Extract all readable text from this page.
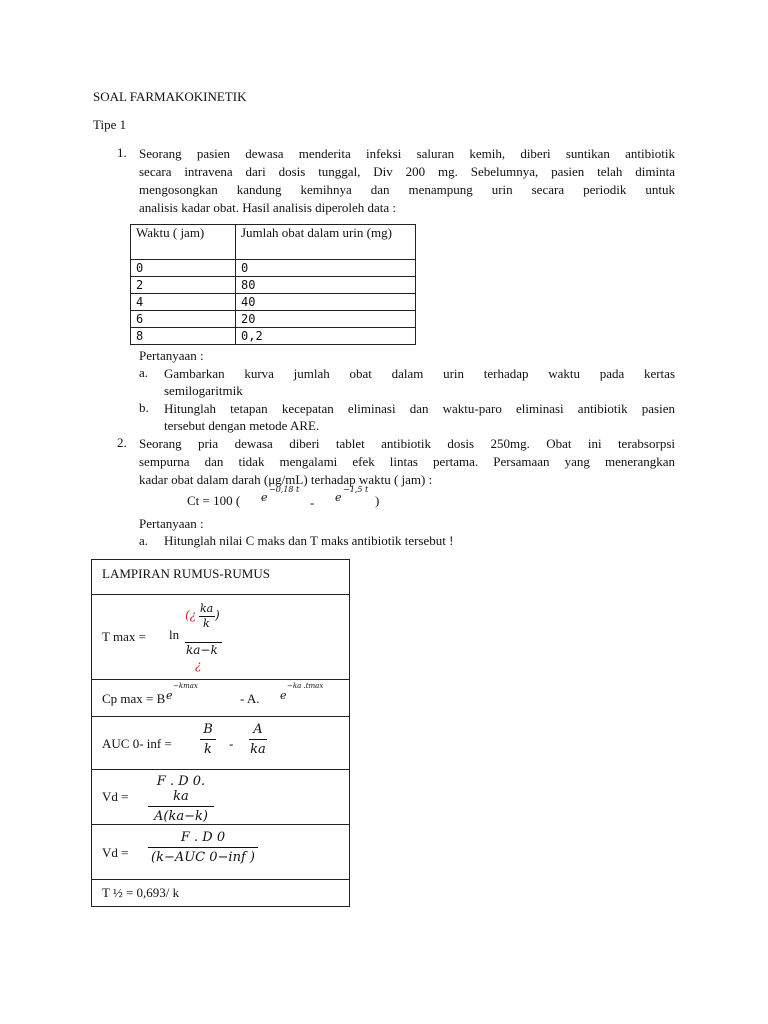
SOAL FARMAKOKINETIK
Tipe 1
1. Seorang pasien dewasa menderita infeksi saluran kemih, diberi suntikan antibiotik
secara intravena dari dosis tunggal, Div 200 mg. Sebelumnya, pasien telah diminta
mengosongkan kandung kemihnya dan menampung urin secara periodik untuk
analisis kadar obat. Hasil analisis diperoleh data :
Waktu ( jam)	Jumlah obat dalam urin (mg)
0	0
2	80
4	40
6	20
8	0,2
Pertanyaan :
a. Gambarkan kurva jumlah obat dalam urin terhadap waktu pada kertas
semilogaritmik
b. Hitunglah tetapan kecepatan eliminasi dan waktu-paro eliminasi antibiotik pasien
tersebut dengan metode ARE.
2. Seorang pria dewasa diberi tablet antibiotik dosis 250mg. Obat ini terabsorpsi
sempurna dan tidak mengalami efek lintas pertama. Persamaan yang menerangkan
kadar obat dalam darah (μg/mL) terhadap waktu ( jam) :
Ct = 100 ( e
−0,18 t
- e
−1,5 t
)
Pertanyaan :
a. Hitunglah nilai C maks dan T maks antibiotik tersebut !
LAMPIRAN RUMUS-RUMUS
T max = ln
(¿ ka
k
)
ka−k
¿
Cp max = B e
−kmax
- A. e
−ka .tmax
AUC 0- inf =
B
k	-
A
ka
Vd =
F . D 0. ka
A(ka−k)
Vd =
F . D 0
(k−AUC 0−inf )
T ½ = 0,693/ k
